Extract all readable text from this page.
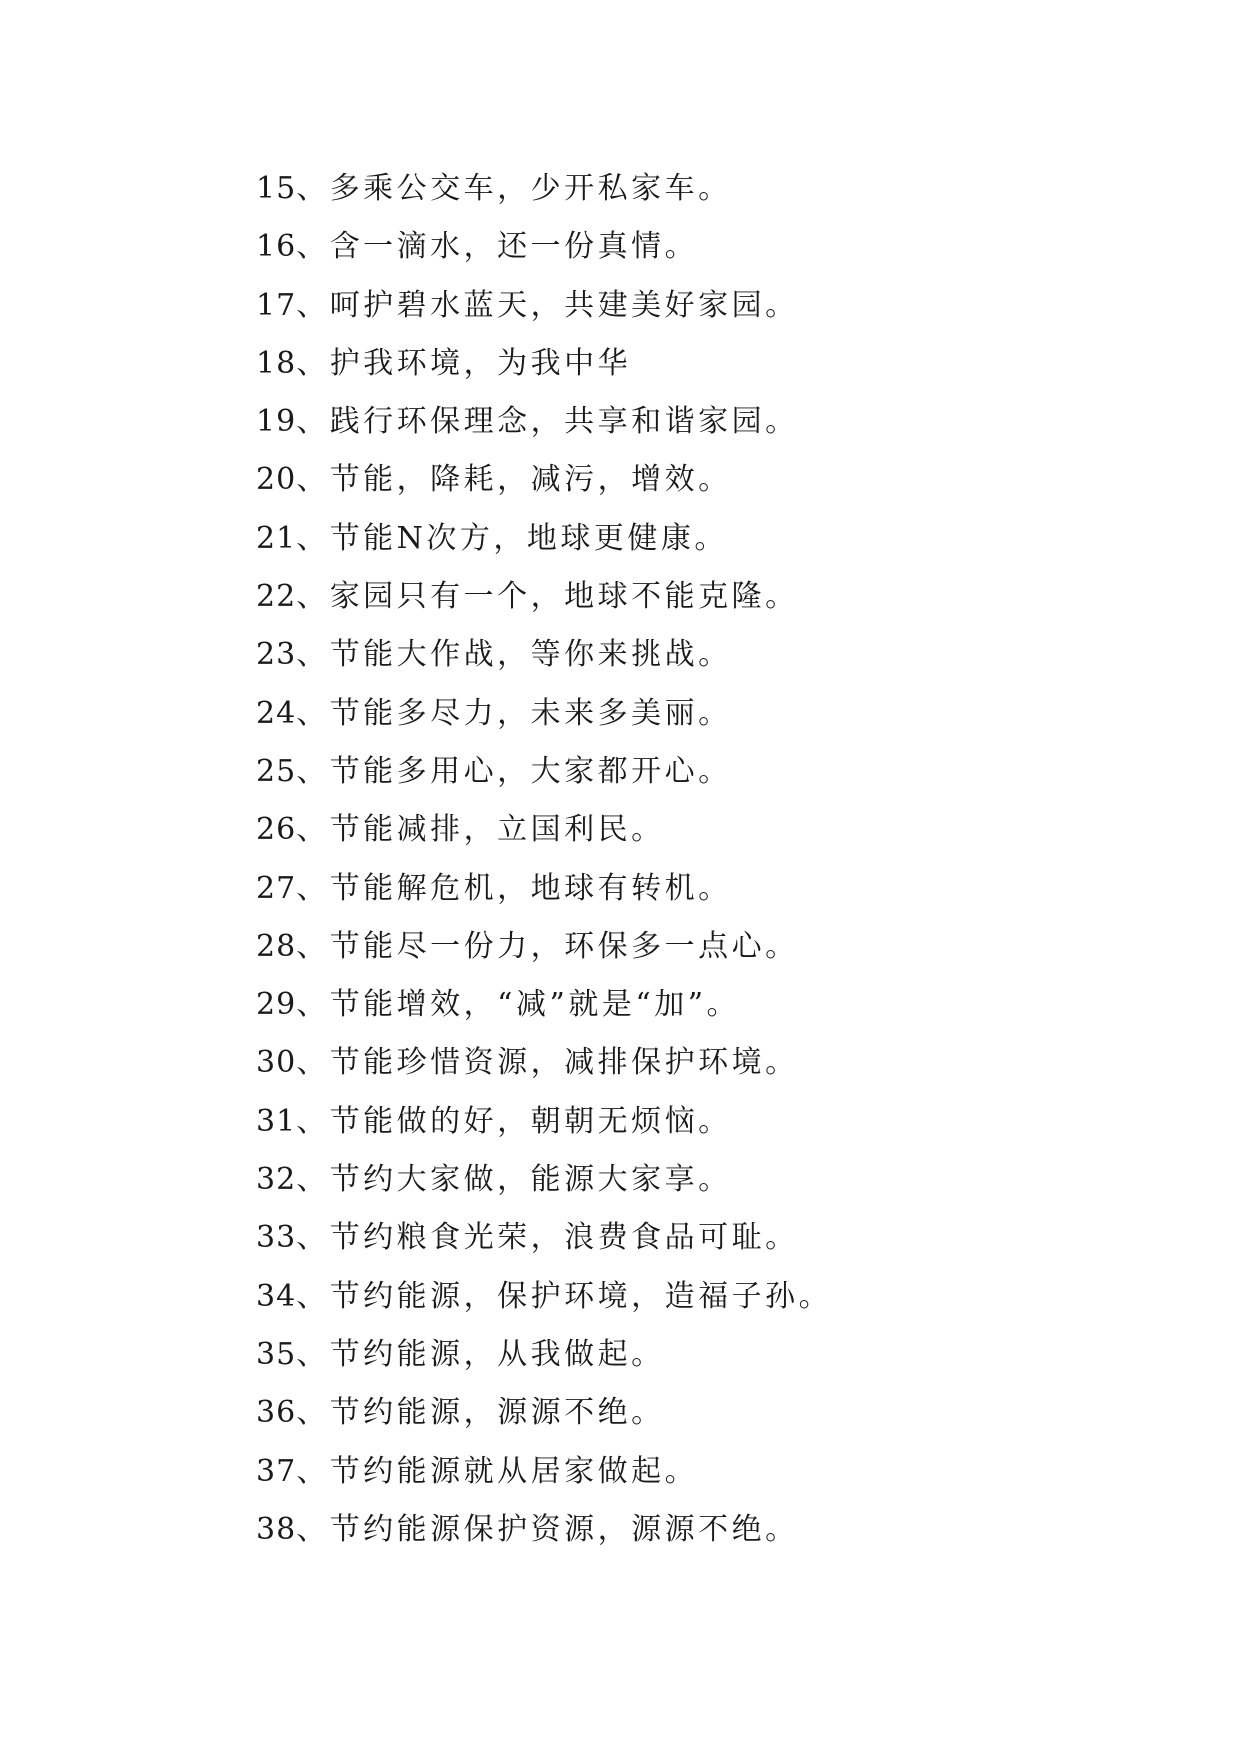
15、多乘公交车，少开私家车。
16、含一滴水，还一份真情。
17、呵护碧水蓝天，共建美好家园。
18、护我环境，为我中华
19、践行环保理念，共享和谐家园。
20、节能，降耗，减污，增效。
21、节能N次方，地球更健康。
22、家园只有一个，地球不能克隆。
23、节能大作战，等你来挑战。
24、节能多尽力，未来多美丽。
25、节能多用心，大家都开心。
26、节能减排，立国利民。
27、节能解危机，地球有转机。
28、节能尽一份力，环保多一点心。
29、节能增效，“减”就是“加”。
30、节能珍惜资源，减排保护环境。
31、节能做的好，朝朝无烦恼。
32、节约大家做，能源大家享。
33、节约粮食光荣，浪费食品可耻。
34、节约能源，保护环境，造福子孙。
35、节约能源，从我做起。
36、节约能源，源源不绝。
37、节约能源就从居家做起。
38、节约能源保护资源，源源不绝。
